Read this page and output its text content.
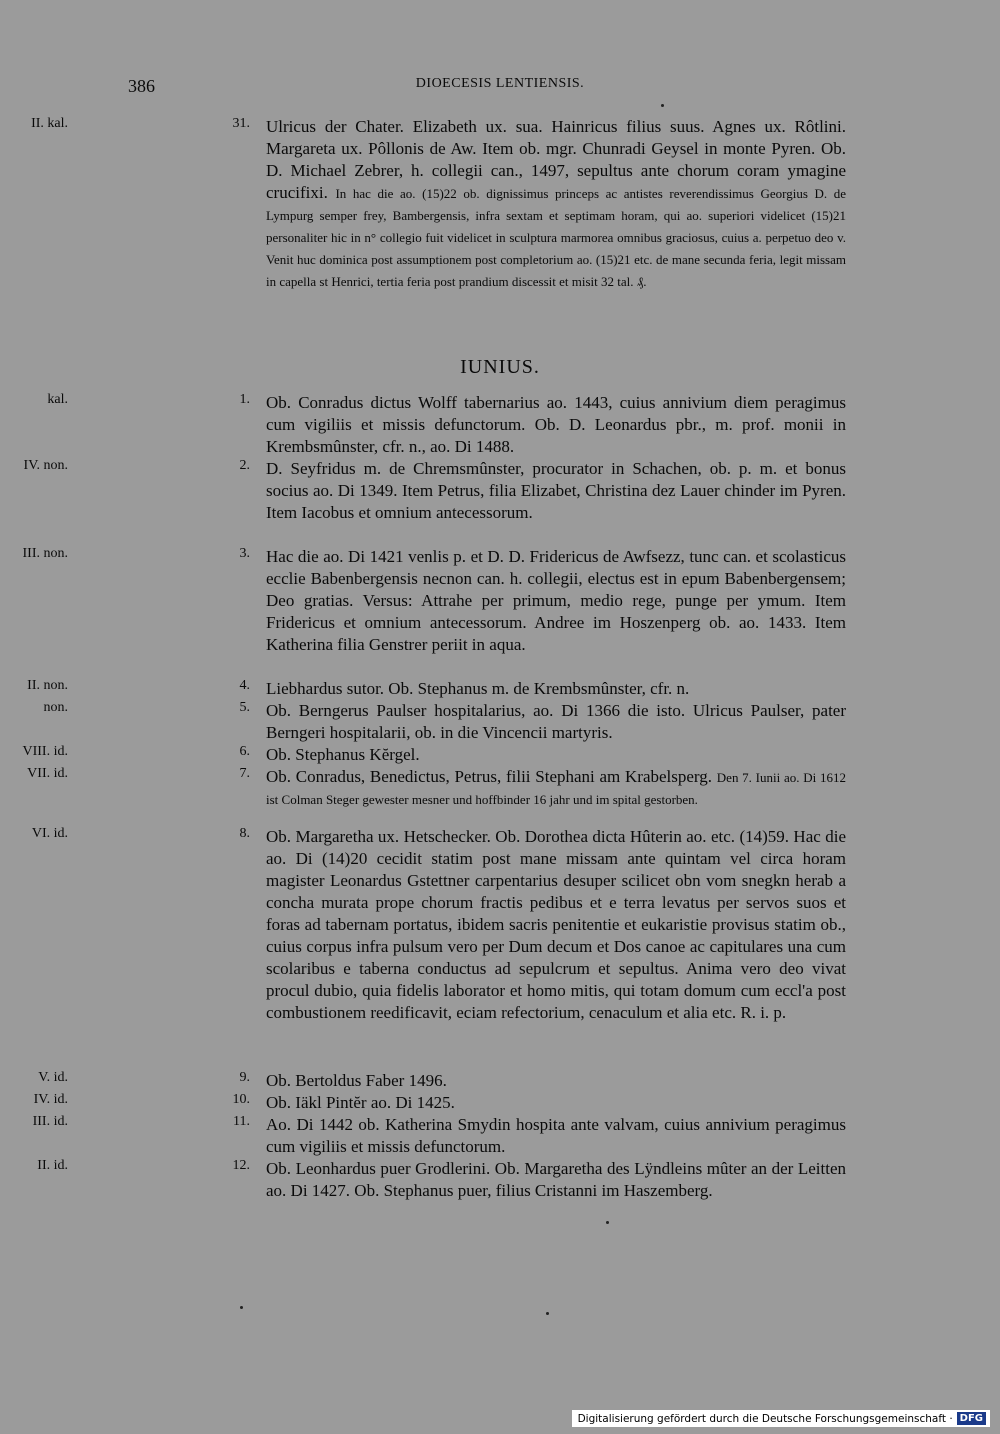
386	DIOECESIS LENTIENSIS.
II. kal.	31. Ulricus der Chater. Elizabeth ux. sua. Hainricus filius suus. Agnes ux. Rôtlini. Margareta ux. Pôllonis de Aw. Item ob. mgr. Chunradi Geysel in monte Pyren. Ob. D. Michael Zebrer, h. collegii can., 1497, sepultus ante chorum coram ymagine crucifixi. In hac die ao. (15)22 ob. dignissimus princeps ac antistes reverendissimus Georgius D. de Lympurg semper frey, Bambergensis, infra sextam et septimam horam, qui ao. superiori videlicet (15)21 personaliter hic in n° collegio fuit videlicet in sculptura marmorea omnibus graciosus, cuius a. perpetuo deo v. Venit huc dominica post assumptionem post completorium ao. (15)21 etc. de mane secunda feria, legit missam in capella st Henrici, tertia feria post prandium discessit et misit 32 tal. ₰.
IUNIUS.
kal.	1. Ob. Conradus dictus Wolff tabernarius ao. 1443, cuius annivium diem peragimus cum vigiliis et missis defunctorum. Ob. D. Leonardus pbr., m. prof. monii in Krembsmûnster, cfr. n., ao. Di 1488.
IV. non.	2. D. Seyfridus m. de Chremsmûnster, procurator in Schachen, ob. p. m. et bonus socius ao. Di 1349. Item Petrus, filia Elizabet, Christina dez Lauer chinder im Pyren. Item Iacobus et omnium antecessorum.
III. non.	3. Hac die ao. Di 1421 venlis p. et D. D. Fridericus de Awfsezz, tunc can. et scolasticus ecclie Babenbergensis necnon can. h. collegii, electus est in epum Babenbergensem; Deo gratias. Versus: Attrahe per primum, medio rege, punge per ymum. Item Fridericus et omnium antecessorum. Andree im Hoszenperg ob. ao. 1433. Item Katherina filia Genstrer periit in aqua.
II. non.	4. Liebhardus sutor. Ob. Stephanus m. de Krembsmûnster, cfr. n.
non.	5. Ob. Berngerus Paulser hospitalarius, ao. Di 1366 die isto. Ulricus Paulser, pater Berngeri hospitalarii, ob. in die Vincencii martyris.
VIII. id.	6. Ob. Stephanus Kĕrgel.
VII. id.	7. Ob. Conradus, Benedictus, Petrus, filii Stephani am Krabelsperg. Den 7. Iunii ao. Di 1612 ist Colman Steger gewester mesner und hoffbinder 16 jahr und im spital gestorben.
VI. id.	8. Ob. Margaretha ux. Hetschecker. Ob. Dorothea dicta Hûterin ao. etc. (14)59. Hac die ao. Di (14)20 cecidit statim post mane missam ante quintam vel circa horam magister Leonardus Gstettner carpentarius desuper scilicet obn vom snegkn herab a concha murata prope chorum fractis pedibus et e terra levatus per servos suos et foras ad tabernam portatus, ibidem sacris penitentie et eukaristie provisus statim ob., cuius corpus infra pulsum vero per Dum decum et Dos canoe ac capitulares una cum scolaribus e taberna conductus ad sepulcrum et sepultus. Anima vero deo vivat procul dubio, quia fidelis laborator et homo mitis, qui totam domum cum eccl'a post combustionem reedificavit, eciam refectorium, cenaculum et alia etc. R. i. p.
V. id.	9. Ob. Bertoldus Faber 1496.
IV. id.	10. Ob. Iäkl Pintĕr ao. Di 1425.
III. id.	11. Ao. Di 1442 ob. Katherina Smydin hospita ante valvam, cuius annivium peragimus cum vigiliis et missis defunctorum.
II. id.	12. Ob. Leonhardus puer Grodlerini. Ob. Margaretha des Lÿndleins mûter an der Leitten ao. Di 1427. Ob. Stephanus puer, filius Cristanni im Haszemberg.
Digitalisierung gefördert durch die Deutsche Forschungsgemeinschaft · DFG
